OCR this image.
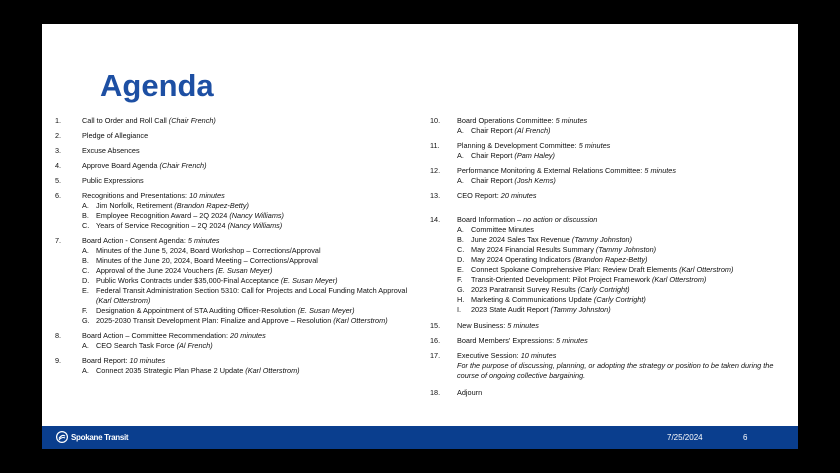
Agenda
1.	Call to Order and Roll Call (Chair French)
2.	Pledge of Allegiance
3.	Excuse Absences
4.	Approve Board Agenda (Chair French)
5.	Public Expressions
6.	Recognitions and Presentations: 10 minutes
A. Jim Norfolk, Retirement (Brandon Rapez-Betty)
B. Employee Recognition Award – 2Q 2024 (Nancy Williams)
C. Years of Service Recognition – 2Q 2024 (Nancy Williams)
7.	Board Action - Consent Agenda: 5 minutes
A. Minutes of the June 5, 2024, Board Workshop – Corrections/Approval
B. Minutes of the June 20, 2024, Board Meeting – Corrections/Approval
C. Approval of the June 2024 Vouchers (E. Susan Meyer)
D. Public Works Contracts under $35,000-Final Acceptance (E. Susan Meyer)
E. Federal Transit Administration Section 5310: Call for Projects and Local Funding Match Approval (Karl Otterstrom)
F. Designation & Appointment of STA Auditing Officer-Resolution (E. Susan Meyer)
G. 2025-2030 Transit Development Plan: Finalize and Approve – Resolution (Karl Otterstrom)
8.	Board Action – Committee Recommendation: 20 minutes
A. CEO Search Task Force (Al French)
9.	Board Report: 10 minutes
A. Connect 2035 Strategic Plan Phase 2 Update (Karl Otterstrom)
10. Board Operations Committee: 5 minutes
A. Chair Report (Al French)
11. Planning & Development Committee: 5 minutes
A. Chair Report (Pam Haley)
12. Performance Monitoring & External Relations Committee: 5 minutes
A. Chair Report (Josh Kerns)
13. CEO Report: 20 minutes
14. Board Information – no action or discussion
A. Committee Minutes
B. June 2024 Sales Tax Revenue (Tammy Johnston)
C. May 2024 Financial Results Summary (Tammy Johnston)
D. May 2024 Operating Indicators (Brandon Rapez-Betty)
E. Connect Spokane Comprehensive Plan: Review Draft Elements (Karl Otterstrom)
F. Transit-Oriented Development: Pilot Project Framework (Karl Otterstrom)
G. 2023 Paratransit Survey Results (Carly Cortright)
H. Marketing & Communications Update (Carly Cortright)
I. 2023 State Audit Report (Tammy Johnston)
15. New Business: 5 minutes
16. Board Members' Expressions: 5 minutes
17. Executive Session: 10 minutes
For the purpose of discussing, planning, or adopting the strategy or position to be taken during the course of ongoing collective bargaining.
18. Adjourn
Spokane Transit	7/25/2024	6
